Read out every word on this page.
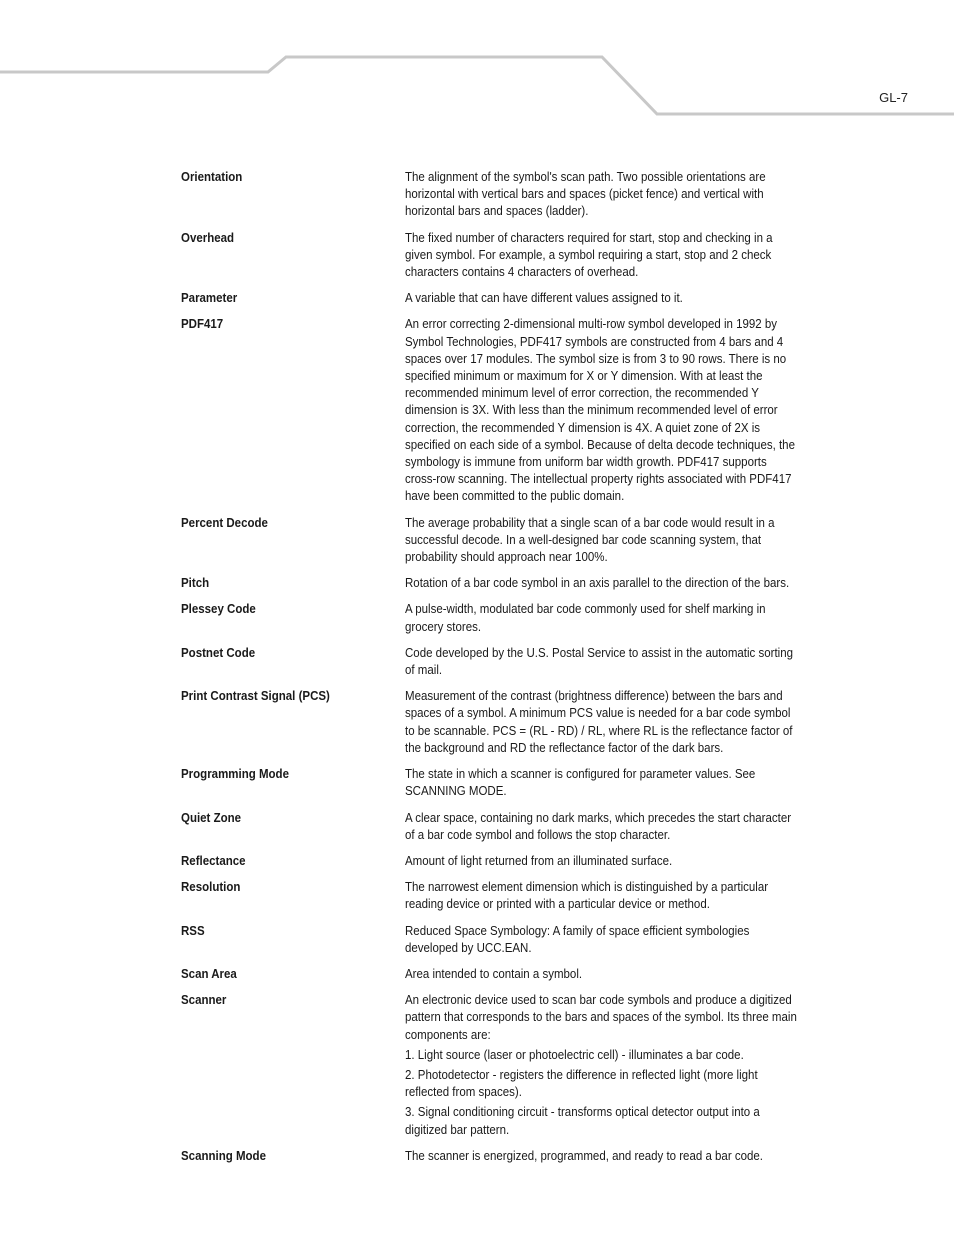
GL-7
Orientation	The alignment of the symbol's scan path. Two possible orientations are horizontal with vertical bars and spaces (picket fence) and vertical with horizontal bars and spaces (ladder).

Overhead	The fixed number of characters required for start, stop and checking in a given symbol. For example, a symbol requiring a start, stop and 2 check characters contains 4 characters of overhead.

Parameter	A variable that can have different values assigned to it.

PDF417	An error correcting 2-dimensional multi-row symbol developed in 1992 by Symbol Technologies, PDF417 symbols are constructed from 4 bars and 4 spaces over 17 modules. The symbol size is from 3 to 90 rows. There is no specified minimum or maximum for X or Y dimension. With at least the recommended minimum level of error correction, the recommended Y dimension is 3X. With less than the minimum recommended level of error correction, the recommended Y dimension is 4X. A quiet zone of 2X is specified on each side of a symbol. Because of delta decode techniques, the symbology is immune from uniform bar width growth. PDF417 supports cross-row scanning. The intellectual property rights associated with PDF417 have been committed to the public domain.

Percent Decode	The average probability that a single scan of a bar code would result in a successful decode. In a well-designed bar code scanning system, that probability should approach near 100%.

Pitch	Rotation of a bar code symbol in an axis parallel to the direction of the bars.

Plessey Code	A pulse-width, modulated bar code commonly used for shelf marking in grocery stores.

Postnet Code	Code developed by the U.S. Postal Service to assist in the automatic sorting of mail.

Print Contrast Signal (PCS)	Measurement of the contrast (brightness difference) between the bars and spaces of a symbol. A minimum PCS value is needed for a bar code symbol to be scannable. PCS = (RL - RD) / RL, where RL is the reflectance factor of the background and RD the reflectance factor of the dark bars.

Programming Mode	The state in which a scanner is configured for parameter values. See SCANNING MODE.

Quiet Zone	A clear space, containing no dark marks, which precedes the start character of a bar code symbol and follows the stop character.

Reflectance	Amount of light returned from an illuminated surface.

Resolution	The narrowest element dimension which is distinguished by a particular reading device or printed with a particular device or method.

RSS	Reduced Space Symbology: A family of space efficient symbologies developed by UCC.EAN.

Scan Area	Area intended to contain a symbol.

Scanner	An electronic device used to scan bar code symbols and produce a digitized pattern that corresponds to the bars and spaces of the symbol. Its three main components are:

1. Light source (laser or photoelectric cell) - illuminates a bar code.

2. Photodetector - registers the difference in reflected light (more light reflected from spaces).

3. Signal conditioning circuit - transforms optical detector output into a digitized bar pattern.

Scanning Mode	The scanner is energized, programmed, and ready to read a bar code.
